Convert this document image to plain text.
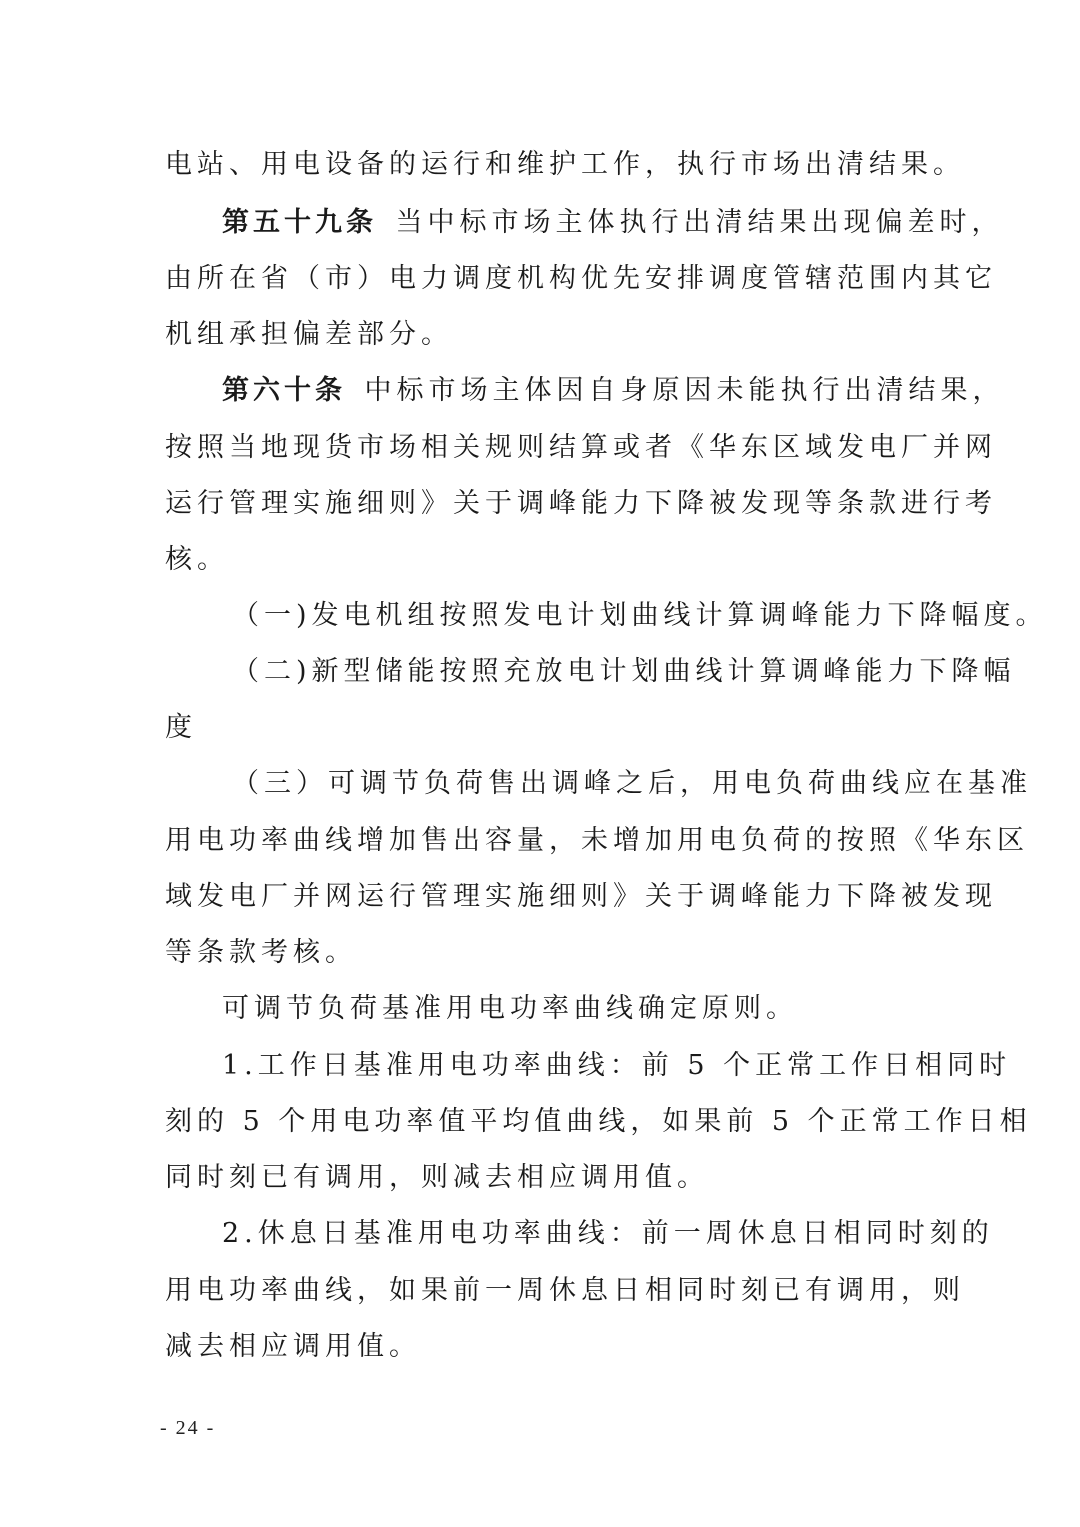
电站、用电设备的运行和维护工作，执行市场出清结果。
第五十九条  当中标市场主体执行出清结果出现偏差时，
由所在省（市）电力调度机构优先安排调度管辖范围内其它
机组承担偏差部分。
第六十条  中标市场主体因自身原因未能执行出清结果，
按照当地现货市场相关规则结算或者《华东区域发电厂并网
运行管理实施细则》关于调峰能力下降被发现等条款进行考
核。
（一)发电机组按照发电计划曲线计算调峰能力下降幅度。
（二)新型储能按照充放电计划曲线计算调峰能力下降幅
度
（三）可调节负荷售出调峰之后，用电负荷曲线应在基准
用电功率曲线增加售出容量，未增加用电负荷的按照《华东区
域发电厂并网运行管理实施细则》关于调峰能力下降被发现
等条款考核。
可调节负荷基准用电功率曲线确定原则。
1.工作日基准用电功率曲线：前 5 个正常工作日相同时
刻的 5 个用电功率值平均值曲线，如果前 5 个正常工作日相
同时刻已有调用，则减去相应调用值。
2.休息日基准用电功率曲线：前一周休息日相同时刻的
用电功率曲线，如果前一周休息日相同时刻已有调用，则
减去相应调用值。
- 24 -
